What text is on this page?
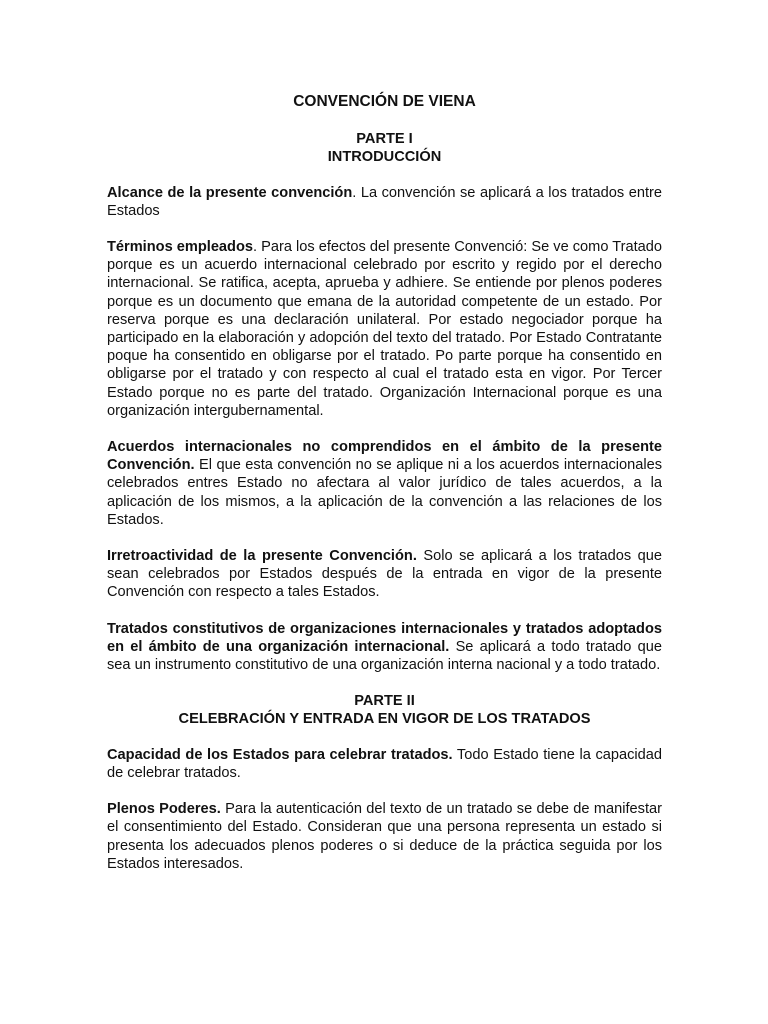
CONVENCIÓN DE VIENA
PARTE I
INTRODUCCIÓN

Alcance de la presente convención. La convención se aplicará a los tratados entre Estados

Términos empleados. Para los efectos del presente Convenció: Se ve como Tratado porque es un acuerdo internacional celebrado por escrito y regido por el derecho internacional. Se ratifica, acepta, aprueba y adhiere. Se entiende por plenos poderes porque es un documento que emana de la autoridad competente de un estado. Por reserva porque es una declaración unilateral. Por estado negociador porque ha participado en la elaboración y adopción del texto del tratado. Por Estado Contratante poque ha consentido en obligarse por el tratado. Po parte porque ha consentido en obligarse por el tratado y con respecto al cual el tratado esta en vigor. Por Tercer Estado porque no es parte del tratado. Organización Internacional porque es una organización intergubernamental.

Acuerdos internacionales no comprendidos en el ámbito de la presente Convención. El que esta convención no se aplique ni a los acuerdos internacionales celebrados entres Estado no afectara al valor jurídico de tales acuerdos, a la aplicación de los mismos, a la aplicación de la convención a las relaciones de los Estados.

Irretroactividad de la presente Convención. Solo se aplicará a los tratados que sean celebrados por Estados después de la entrada en vigor de la presente Convención con respecto a tales Estados.

Tratados constitutivos de organizaciones internacionales y tratados adoptados en el ámbito de una organización internacional. Se aplicará a todo tratado que sea un instrumento constitutivo de una organización interna nacional y a todo tratado.

PARTE II
CELEBRACIÓN Y ENTRADA EN VIGOR DE LOS TRATADOS

Capacidad de los Estados para celebrar tratados. Todo Estado tiene la capacidad de celebrar tratados.

Plenos Poderes. Para la autenticación del texto de un tratado se debe de manifestar el consentimiento del Estado. Consideran que una persona representa un estado si presenta los adecuados plenos poderes o si deduce de la práctica seguida por los Estados interesados.
